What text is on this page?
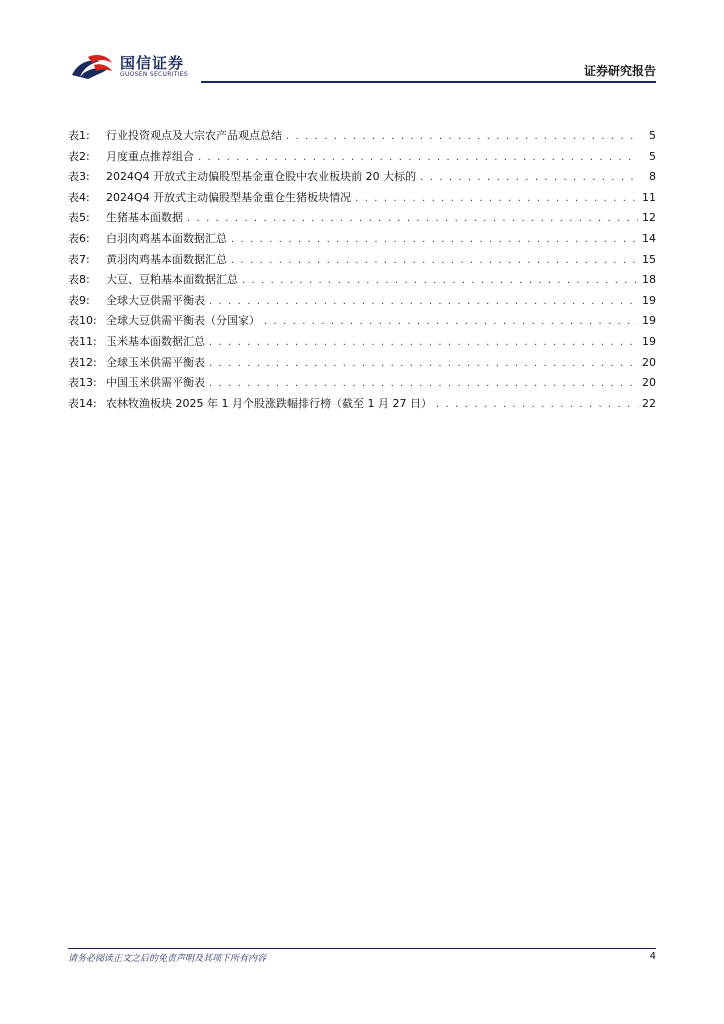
国信证券
GUOSEN SECURITIES	证券研究报告
表1:	行业投资观点及大宗农产品观点总结 . . .	5
表2:	月度重点推荐组合 . . .	5
表3:	2024Q4 开放式主动偏股型基金重仓股中农业板块前 20 大标的 . . .	8
表4:	2024Q4 开放式主动偏股型基金重仓生猪板块情况 . . .	11
表5:	生猪基本面数据 . . .	12
表6:	白羽肉鸡基本面数据汇总 . . .	14
表7:	黄羽肉鸡基本面数据汇总 . . .	15
表8:	大豆、豆粕基本面数据汇总 . . .	18
表9:	全球大豆供需平衡表 . . .	19
表10: 全球大豆供需平衡表（分国家） . . .	19
表11: 玉米基本面数据汇总 . . .	19
表12: 全球玉米供需平衡表 . . .	20
表13: 中国玉米供需平衡表 . . .	20
表14: 农林牧渔板块 2025 年 1 月个股涨跌幅排行榜（截至 1 月 27 日） . . .	22
请务必阅读正文之后的免责声明及其项下所有内容	4
